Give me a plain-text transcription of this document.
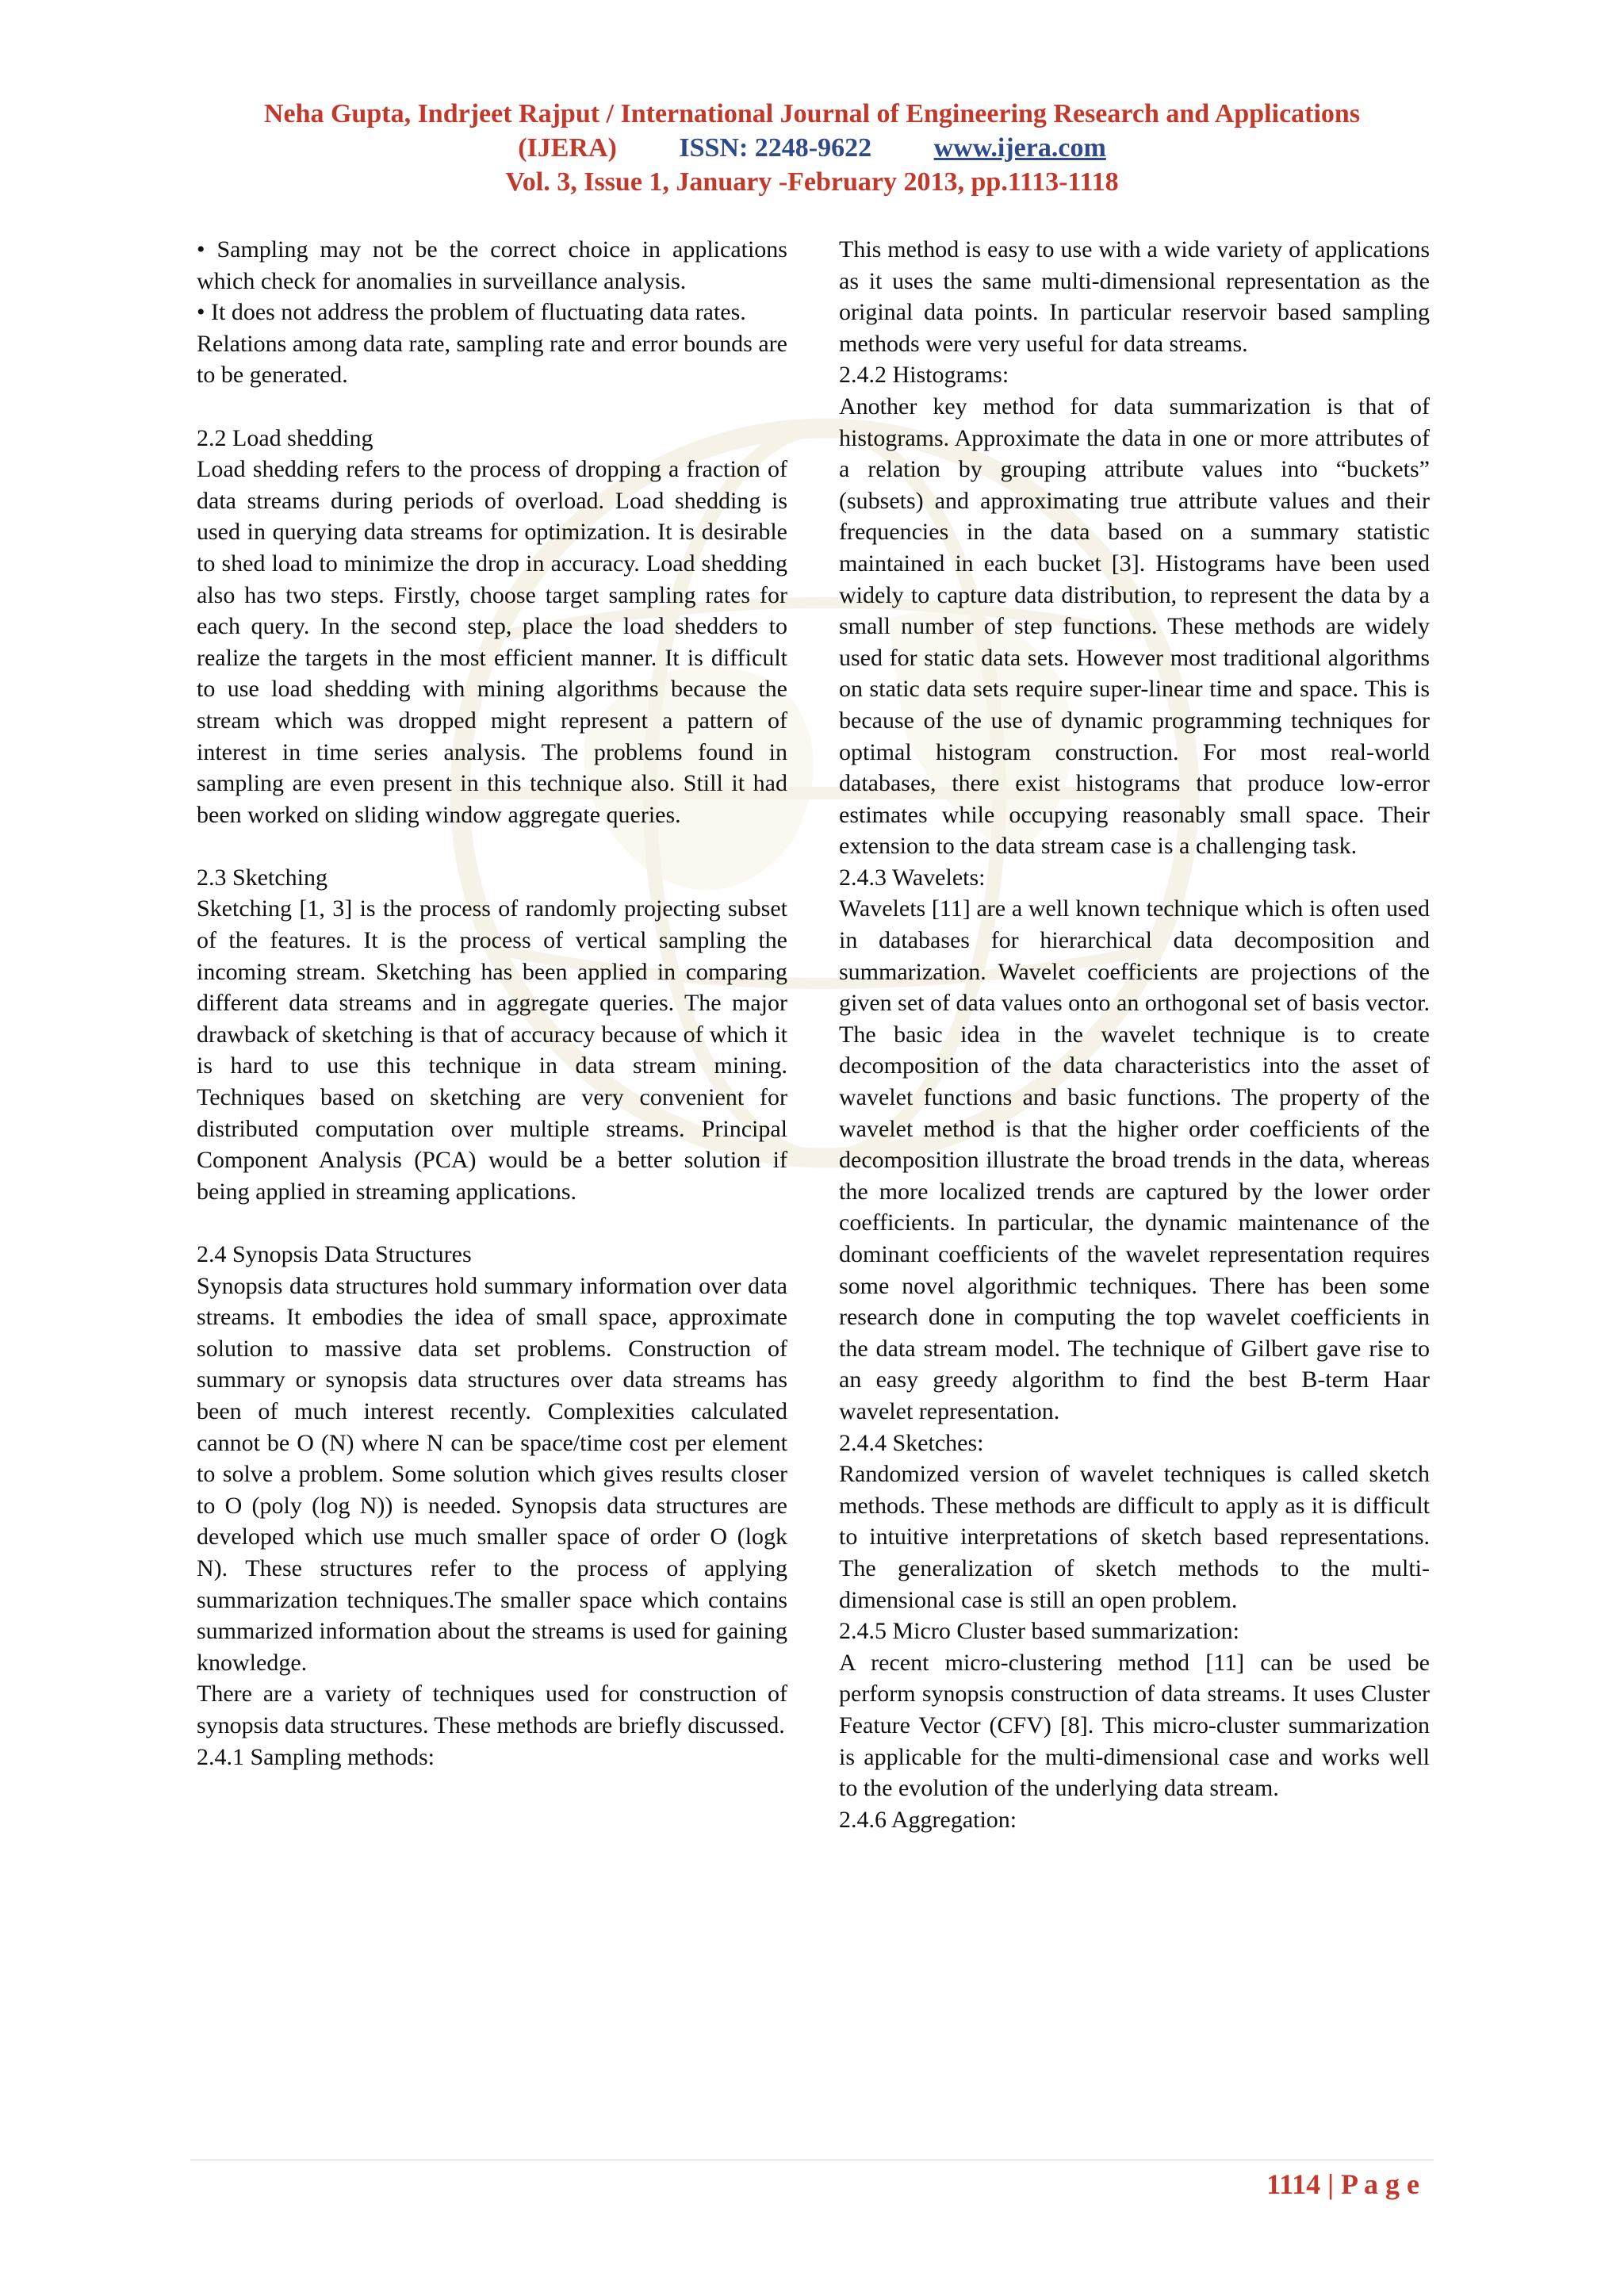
Neha Gupta, Indrjeet Rajput / International Journal of Engineering Research and Applications
(IJERA) ISSN: 2248-9622 www.ijera.com
Vol. 3, Issue 1, January -February 2013, pp.1113-1118

• Sampling may not be the correct choice in applications which check for anomalies in surveillance analysis.

• It does not address the problem of fluctuating data rates.

Relations among data rate, sampling rate and error bounds are to be generated.

2.2 Load shedding

Load shedding refers to the process of dropping a fraction of data streams during periods of overload. Load shedding is used in querying data streams for optimization. It is desirable to shed load to minimize the drop in accuracy. Load shedding also has two steps. Firstly, choose target sampling rates for each query. In the second step, place the load shedders to realize the targets in the most efficient manner. It is difficult to use load shedding with mining algorithms because the stream which was dropped might represent a pattern of interest in time series analysis. The problems found in sampling are even present in this technique also. Still it had been worked on sliding window aggregate queries.

2.3 Sketching

Sketching [1, 3] is the process of randomly projecting subset of the features. It is the process of vertical sampling the incoming stream. Sketching has been applied in comparing different data streams and in aggregate queries. The major drawback of sketching is that of accuracy because of which it is hard to use this technique in data stream mining. Techniques based on sketching are very convenient for distributed computation over multiple streams. Principal Component Analysis (PCA) would be a better solution if being applied in streaming applications.

2.4 Synopsis Data Structures

Synopsis data structures hold summary information over data streams. It embodies the idea of small space, approximate solution to massive data set problems. Construction of summary or synopsis data structures over data streams has been of much interest recently. Complexities calculated cannot be O (N) where N can be space/time cost per element to solve a problem. Some solution which gives results closer to O (poly (log N)) is needed. Synopsis data structures are developed which use much smaller space of order O (logk N). These structures refer to the process of applying summarization techniques.The smaller space which contains summarized information about the streams is used for gaining knowledge.

There are a variety of techniques used for construction of synopsis data structures. These methods are briefly discussed.

2.4.1 Sampling methods:

This method is easy to use with a wide variety of applications as it uses the same multi-dimensional representation as the original data points. In particular reservoir based sampling methods were very useful for data streams.

2.4.2 Histograms:

Another key method for data summarization is that of histograms. Approximate the data in one or more attributes of a relation by grouping attribute values into “buckets” (subsets) and approximating true attribute values and their frequencies in the data based on a summary statistic maintained in each bucket [3]. Histograms have been used widely to capture data distribution, to represent the data by a small number of step functions. These methods are widely used for static data sets. However most traditional algorithms on static data sets require super-linear time and space. This is because of the use of dynamic programming techniques for optimal histogram construction. For most real-world databases, there exist histograms that produce low-error estimates while occupying reasonably small space. Their extension to the data stream case is a challenging task.

2.4.3 Wavelets:

Wavelets [11] are a well known technique which is often used in databases for hierarchical data decomposition and summarization. Wavelet coefficients are projections of the given set of data values onto an orthogonal set of basis vector. The basic idea in the wavelet technique is to create decomposition of the data characteristics into the asset of wavelet functions and basic functions. The property of the wavelet method is that the higher order coefficients of the decomposition illustrate the broad trends in the data, whereas the more localized trends are captured by the lower order coefficients. In particular, the dynamic maintenance of the dominant coefficients of the wavelet representation requires some novel algorithmic techniques. There has been some research done in computing the top wavelet coefficients in the data stream model. The technique of Gilbert gave rise to an easy greedy algorithm to find the best B-term Haar wavelet representation.

2.4.4 Sketches:

Randomized version of wavelet techniques is called sketch methods. These methods are difficult to apply as it is difficult to intuitive interpretations of sketch based representations. The generalization of sketch methods to the multi-dimensional case is still an open problem.

2.4.5 Micro Cluster based summarization:

A recent micro-clustering method [11] can be used be perform synopsis construction of data streams. It uses Cluster Feature Vector (CFV) [8]. This micro-cluster summarization is applicable for the multi-dimensional case and works well to the evolution of the underlying data stream.

2.4.6 Aggregation:

1114 | P a g e
